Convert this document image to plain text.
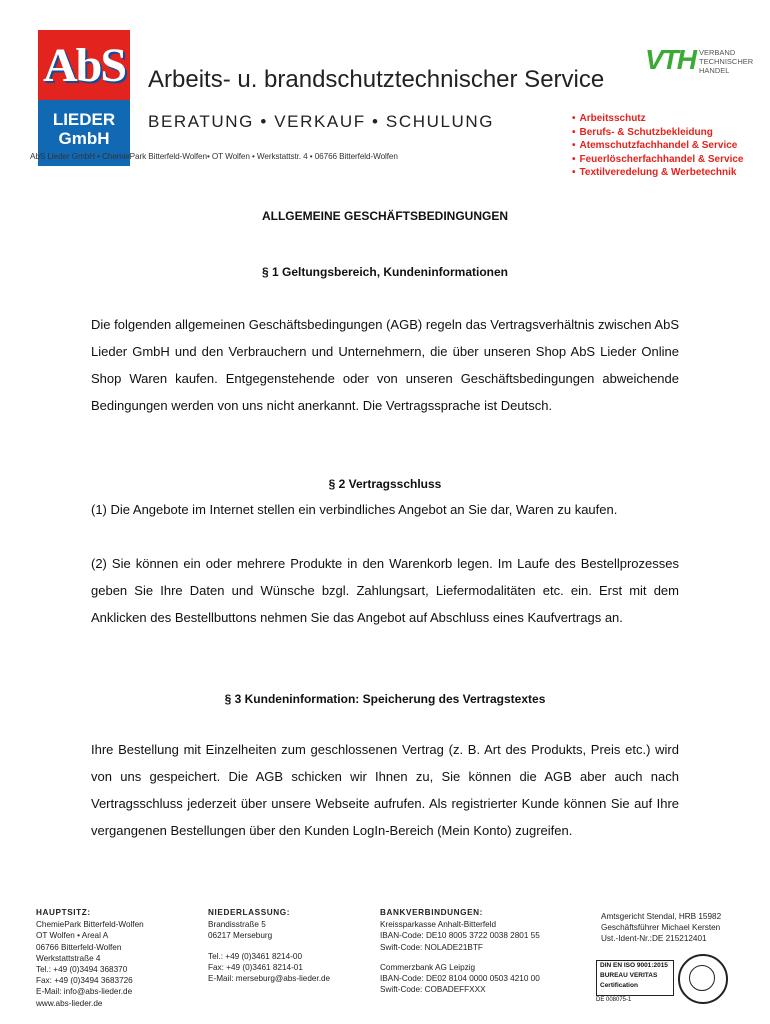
AbS
LIEDER
GmbH
Arbeits- u. brandschutztechnischer Service
BERATUNG • VERKAUF • SCHULUNG
AbS Lieder GmbH • ChemiePark Bitterfeld-Wolfen• OT Wolfen • Werkstattstr. 4 • 06766 Bitterfeld-Wolfen
VTH VERBAND
TECHNISCHER
HANDEL
• Arbeitsschutz
• Berufs- & Schutzbekleidung
• Atemschutzfachhandel & Service
• Feuerlöscherfachhandel & Service
• Textilveredelung & Werbetechnik
ALLGEMEINE GESCHÄFTSBEDINGUNGEN
§ 1 Geltungsbereich, Kundeninformationen
Die folgenden allgemeinen Geschäftsbedingungen (AGB) regeln das Vertragsverhältnis zwischen AbS Lieder GmbH und den Verbrauchern und Unternehmern, die über unseren Shop AbS Lieder Online Shop Waren kaufen. Entgegenstehende oder von unseren Geschäftsbedingungen abweichende Bedingungen werden von uns nicht anerkannt. Die Vertragssprache ist Deutsch.
§ 2 Vertragsschluss
(1) Die Angebote im Internet stellen ein verbindliches Angebot an Sie dar, Waren zu kaufen.
(2) Sie können ein oder mehrere Produkte in den Warenkorb legen. Im Laufe des Bestellprozesses geben Sie Ihre Daten und Wünsche bzgl. Zahlungsart, Liefermodalitäten etc. ein. Erst mit dem Anklicken des Bestellbuttons nehmen Sie das Angebot auf Abschluss eines Kaufvertrags an.
§ 3 Kundeninformation: Speicherung des Vertragstextes
Ihre Bestellung mit Einzelheiten zum geschlossenen Vertrag (z. B. Art des Produkts, Preis etc.) wird von uns gespeichert. Die AGB schicken wir Ihnen zu, Sie können die AGB aber auch nach Vertragsschluss jederzeit über unsere Webseite aufrufen. Als registrierter Kunde können Sie auf Ihre vergangenen Bestellungen über den Kunden LogIn-Bereich (Mein Konto) zugreifen.
HAUPTSITZ:
ChemiePark Bitterfeld-Wolfen
OT Wolfen • Areal A
06766 Bitterfeld-Wolfen
Werkstattstraße 4
Tel.: +49 (0)3494 368370
Fax: +49 (0)3494 3683726
E-Mail: info@abs-lieder.de
www.abs-lieder.de
NIEDERLASSUNG:
Brandisstraße 5
06217 Merseburg
Tel.: +49 (0)3461 8214-00
Fax: +49 (0)3461 8214-01
E-Mail: merseburg@abs-lieder.de
BANKVERBINDUNGEN:
Kreissparkasse Anhalt-Bitterfeld
IBAN-Code: DE10 8005 3722 0038 2801 55
Swift-Code: NOLADE21BTF
Commerzbank AG Leipzig
IBAN-Code: DE02 8104 0000 0503 4210 00
Swift-Code: COBADEFFXXX
Amtsgericht Stendal, HRB 15982
Geschäftsführer Michael Kersten
Ust.-Ident-Nr.:DE 215212401
DIN EN ISO 9001:2015
BUREAU VERITAS
Certification
DE 008075-1
